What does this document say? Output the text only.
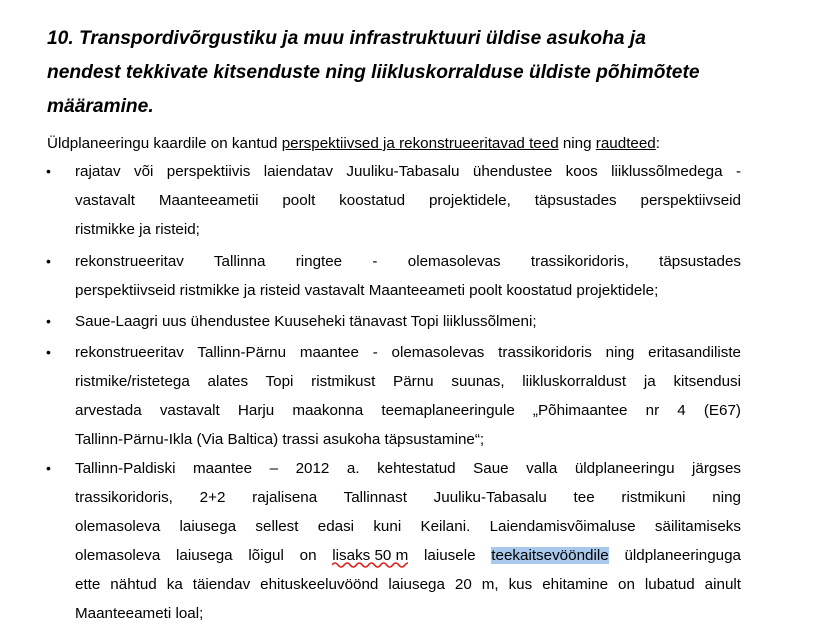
10. Transpordivõrgustiku ja muu infrastruktuuri üldise asukoha ja
nendest tekkivate kitsenduste ning liikluskorralduse üldiste põhimõtete
määramine.
Üldplaneeringu kaardile on kantud perspektiivsed ja rekonstrueeritavad teed ning raudteed:
• rajatav või perspektiivis laiendatav Juuliku-Tabasalu ühendustee koos liiklussõlmedega -
vastavalt Maanteeametii poolt koostatud projektidele, täpsustades perspektiivseid
ristmikke ja risteid;
• rekonstrueeritav Tallinna ringtee - olemasolevas trassikoridoris, täpsustades
perspektiivseid ristmikke ja risteid vastavalt Maanteeameti poolt koostatud projektidele;
• Saue-Laagri uus ühendustee Kuuseheki tänavast Topi liiklussõlmeni;
• rekonstrueeritav Tallinn-Pärnu maantee - olemasolevas trassikoridoris ning eritasandiliste
ristmike/ristetega alates Topi ristmikust Pärnu suunas, liikluskorraldust ja kitsendusi
arvestada vastavalt Harju maakonna teemaplaneeringule „Põhimaantee nr 4 (E67)
Tallinn-Pärnu-Ikla (Via Baltica) trassi asukoha täpsustamine“;
• Tallinn-Paldiski maantee – 2012 a. kehtestatud Saue valla üldplaneeringu järgses
trassikoridoris, 2+2 rajalisena Tallinnast Juuliku-Tabasalu tee ristmikuni ning
olemasoleva laiusega sellest edasi kuni Keilani. Laiendamisvõimaluse säilitamiseks
olemasoleva laiusega lõigul on lisaks 50 m
laiusele teekaitsevööndile üldplaneeringuga
ette nähtud ka täiendav ehituskeeluvöönd laiusega 20 m, kus ehitamine on lubatud ainult
Maanteeameti loal;
